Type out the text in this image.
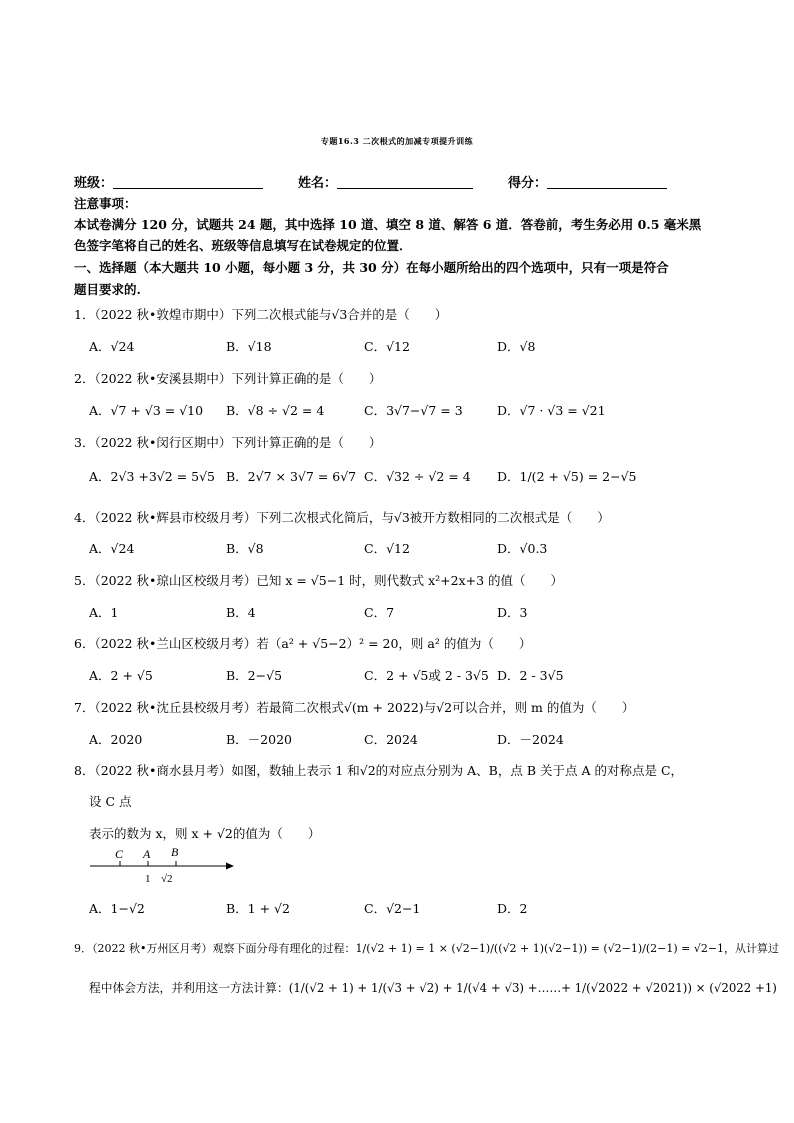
专题16.3 二次根式的加减专项提升训练
班级：	姓名：	得分：
注意事项：
本试卷满分 120 分，试题共 24 题，其中选择 10 道、填空 8 道、解答 6 道．答卷前，考生务必用 0.5 毫米黑
色签字笔将自己的姓名、班级等信息填写在试卷规定的位置．
一、选择题（本大题共 10 小题，每小题 3 分，共 30 分）在每小题所给出的四个选项中，只有一项是符合
题目要求的.
1．（2022 秋•敦煌市期中）下列二次根式能与√3合并的是（　　）
A．√24	B．√18	C．√12	D．√8
2．（2022 秋•安溪县期中）下列计算正确的是（　　）
A．√7 + √3 = √10 B．√8 ÷ √2 = 4	C．3√7−√7 = 3	D．√7 · √3 = √21
3．（2022 秋•闵行区期中）下列计算正确的是（　　）
A．2√3 +3√2 = 5√5 B．2√7 × 3√7 = 6√7 C．√32 ÷ √2 = 4 D．1/(2 + √5) = 2−√5
4．（2022 秋•辉县市校级月考）下列二次根式化简后，与√3被开方数相同的二次根式是（　　）
A．√24	B．√8	C．√12	D．√0.3
5．（2022 秋•琼山区校级月考）已知 x = √5−1 时，则代数式 x²+2x+3 的值（　　）
A．1	B．4	C．7	D．3
6．（2022 秋•兰山区校级月考）若（a² + √5−2）² = 20，则 a² 的值为（　　）
A．2 + √5	B．2−√5	C．2 + √5或 2 - 3√5 D．2 - 3√5
7．（2022 秋•沈丘县校级月考）若最简二次根式√(m + 2022)与√2可以合并，则 m 的值为（　　）
A．2020	B．－2020	C．2024	D．－2024
8．（2022 秋•商水县月考）如图，数轴上表示 1 和√2的对应点分别为 A、B，点 B 关于点 A 的对称点是 C，
设 C 点
表示的数为 x，则 x + √2的值为（　　）
C A B
1 √2
A．1−√2	B．1 + √2	C．√2−1	D．2
9．（2022 秋•万州区月考）观察下面分母有理化的过程：1/(√2 + 1) = 1 × (√2−1)/((√2 + 1)(√2−1)) = (√2−1)/(2−1) = √2−1，从计算过
程中体会方法，并利用这一方法计算：(1/(√2 + 1) + 1/(√3 + √2) + 1/(√4 + √3) +……+ 1/(√2022 + √2021)) × (√2022 +1)
